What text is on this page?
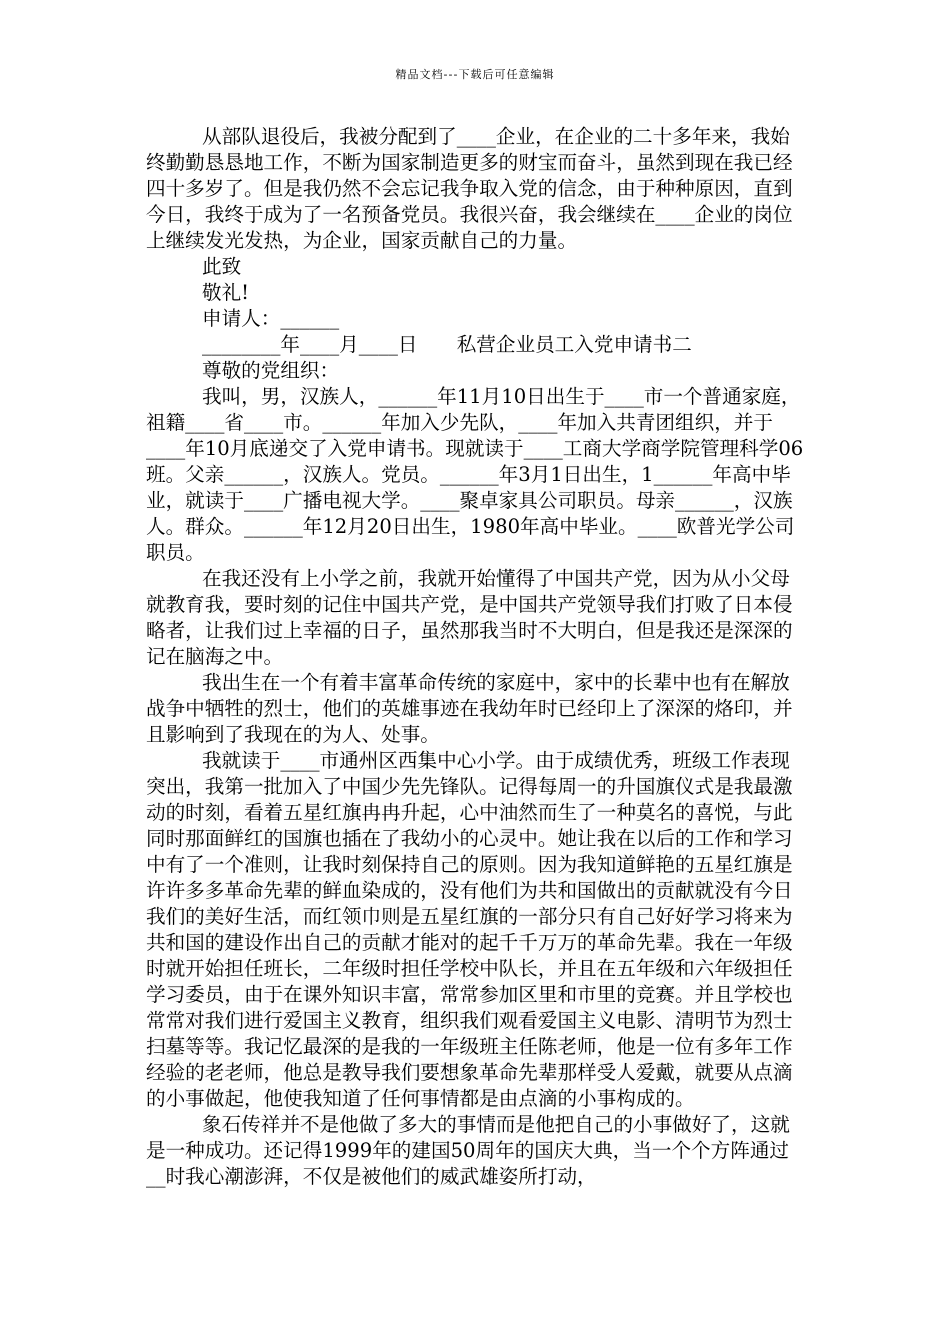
精品文档---下载后可任意编辑

从部队退役后，我被分配到了____企业，在企业的二十多年来，我始终勤勤恳恳地工作，不断为国家制造更多的财宝而奋斗，虽然到现在我已经四十多岁了。但是我仍然不会忘记我争取入党的信念，由于种种原因，直到今日，我终于成为了一名预备党员。我很兴奋，我会继续在____企业的岗位上继续发光发热，为企业，国家贡献自己的力量。

此致

敬礼!

申请人：______

________年____月____日　　私营企业员工入党申请书二

尊敬的党组织：

我叫，男，汉族人，______年11月10日出生于____市一个普通家庭，祖籍____省____市。______年加入少先队，____年加入共青团组织，并于____年10月底递交了入党申请书。现就读于____工商大学商学院管理科学06班。父亲______，汉族人。党员。______年3月1日出生，1______年高中毕业，就读于____广播电视大学。____聚卓家具公司职员。母亲______，汉族人。群众。______年12月20日出生，1980年高中毕业。____欧普光学公司职员。

在我还没有上小学之前，我就开始懂得了中国共产党，因为从小父母就教育我，要时刻的记住中国共产党，是中国共产党领导我们打败了日本侵略者，让我们过上幸福的日子，虽然那我当时不大明白，但是我还是深深的记在脑海之中。

我出生在一个有着丰富革命传统的家庭中，家中的长辈中也有在解放战争中牺牲的烈士，他们的英雄事迹在我幼年时已经印上了深深的烙印，并且影响到了我现在的为人、处事。

我就读于____市通州区西集中心小学。由于成绩优秀，班级工作表现突出，我第一批加入了中国少先先锋队。记得每周一的升国旗仪式是我最激动的时刻，看着五星红旗冉冉升起，心中油然而生了一种莫名的喜悦，与此同时那面鲜红的国旗也插在了我幼小的心灵中。她让我在以后的工作和学习中有了一个准则，让我时刻保持自己的原则。因为我知道鲜艳的五星红旗是许许多多革命先辈的鲜血染成的，没有他们为共和国做出的贡献就没有今日我们的美好生活，而红领巾则是五星红旗的一部分只有自己好好学习将来为共和国的建设作出自己的贡献才能对的起千千万万的革命先辈。我在一年级时就开始担任班长，二年级时担任学校中队长，并且在五年级和六年级担任学习委员，由于在课外知识丰富，常常参加区里和市里的竞赛。并且学校也常常对我们进行爱国主义教育，组织我们观看爱国主义电影、清明节为烈士扫墓等等。我记忆最深的是我的一年级班主任陈老师，他是一位有多年工作经验的老老师，他总是教导我们要想象革命先辈那样受人爱戴，就要从点滴的小事做起，他使我知道了任何事情都是由点滴的小事构成的。

象石传祥并不是他做了多大的事情而是他把自己的小事做好了，这就是一种成功。还记得1999年的建国50周年的国庆大典，当一个个方阵通过__时我心潮澎湃，不仅是被他们的威武雄姿所打动，
